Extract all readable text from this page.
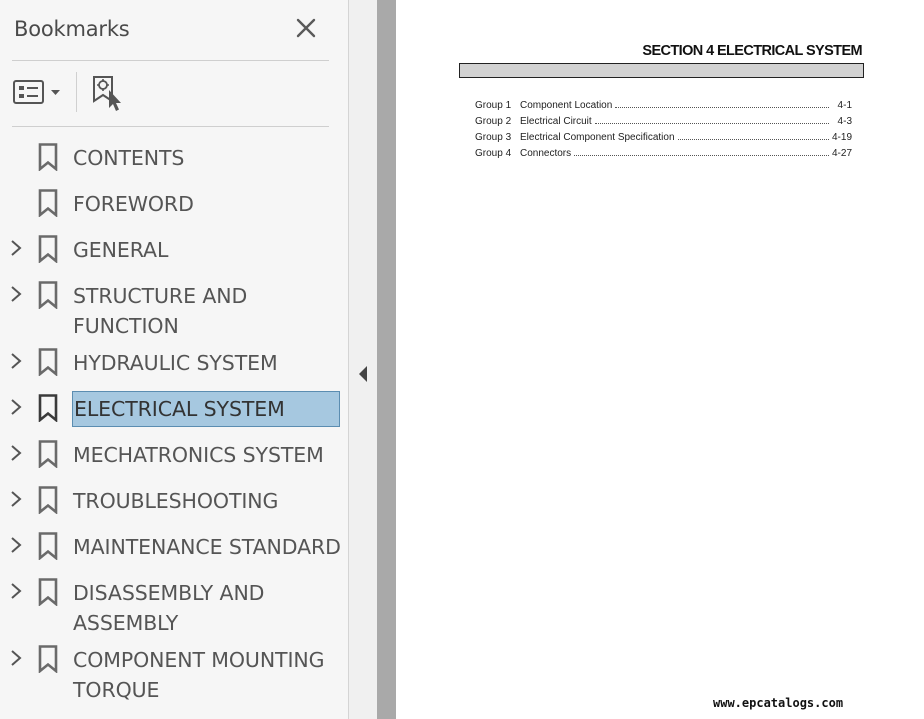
Bookmarks
CONTENTS
FOREWORD
GENERAL
STRUCTURE AND FUNCTION
HYDRAULIC SYSTEM
ELECTRICAL SYSTEM
MECHATRONICS SYSTEM
TROUBLESHOOTING
MAINTENANCE STANDARD
DISASSEMBLY AND ASSEMBLY
COMPONENT MOUNTING TORQUE
SECTION 4 ELECTRICAL SYSTEM
Group 1 Component Location	4-1
Group 2 Electrical Circuit	4-3
Group 3 Electrical Component Specification	4-19
Group 4 Connectors	4-27
www.epcatalogs.com
